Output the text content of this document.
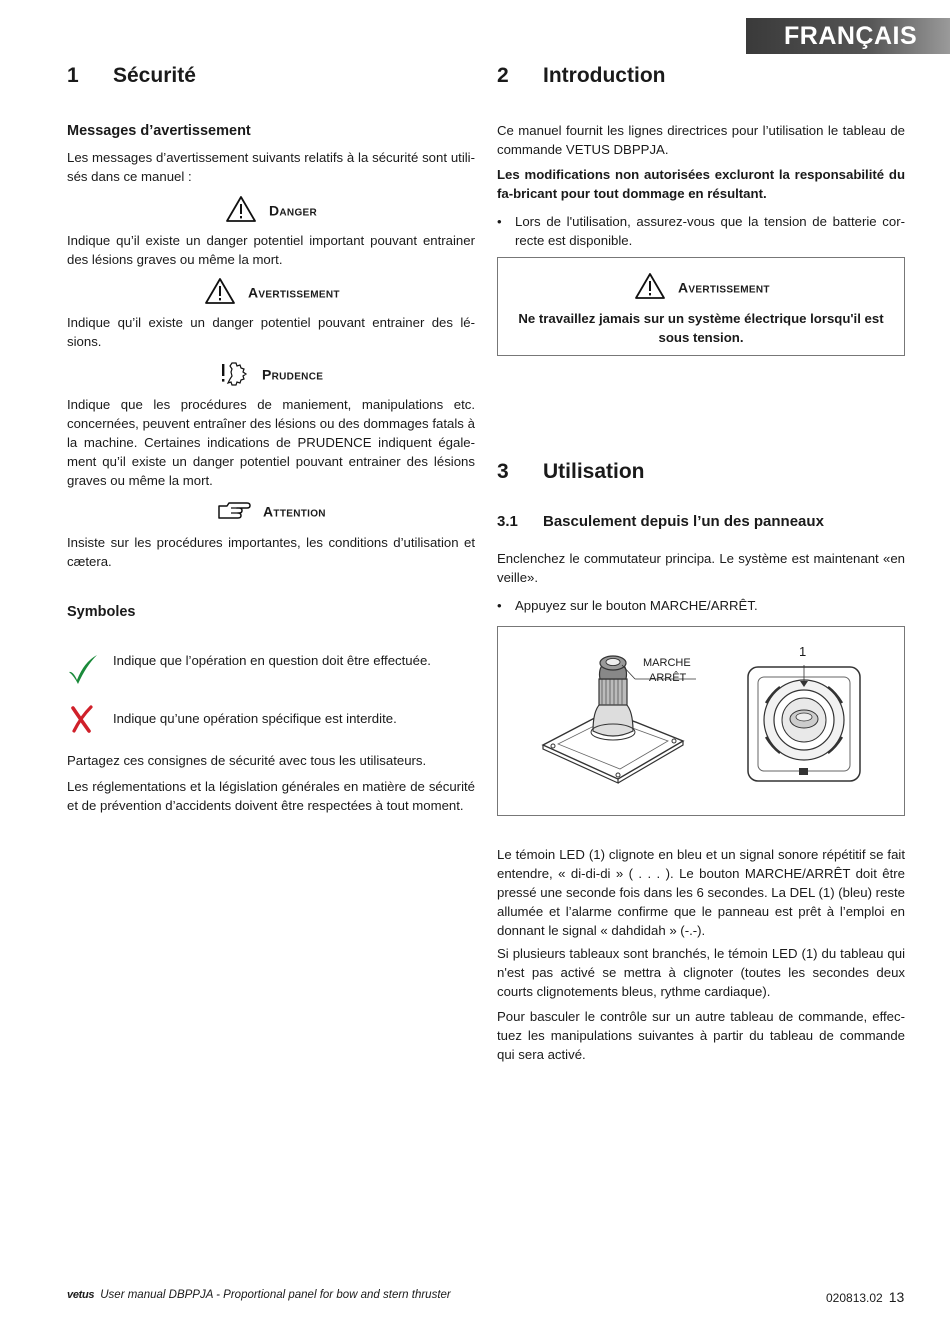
FRANÇAIS
1 Sécurité
Messages d’avertissement

Les messages d’avertissement suivants relatifs à la sécurité sont utili-sés dans ce manuel :

Danger

Indique qu’il existe un danger potentiel important pouvant entrainer des lésions graves ou même la mort.

Avertissement

Indique qu’il existe un danger potentiel pouvant entrainer des lé-sions.

Prudence

Indique que les procédures de maniement, manipulations etc. concernées, peuvent entraîner des lésions ou des dommages fatals à la machine. Certaines indications de PRUDENCE indiquent égale-ment qu’il existe un danger potentiel pouvant entrainer des lésions graves ou même la mort.

Attention

Insiste sur les procédures importantes, les conditions d’utilisation et cætera.

Symboles

Indique que l’opération en question doit être effectuée.

Indique qu’une opération spécifique est interdite.

Partagez ces consignes de sécurité avec tous les utilisateurs.

Les réglementations et la législation générales en matière de sécurité et de prévention d’accidents doivent être respectées à tout moment.

2 Introduction

Ce manuel fournit les lignes directrices pour l’utilisation le tableau de commande VETUS DBPPJA.

Les modifications non autorisées excluront la responsabilité du fa-bricant pour tout dommage en résultant.

• Lors de l'utilisation, assurez-vous que la tension de batterie cor-recte est disponible.
Avertissement
Ne travaillez jamais sur un système électrique lorsqu'il est sous tension.
3 Utilisation
3.1 Basculement depuis l’un des panneaux

Enclenchez le commutateur principa. Le système est maintenant «en veille».

• Appuyez sur le bouton MARCHE/ARRÊT.
MARCHE
ARRÊT
1

Le témoin LED (1) clignote en bleu et un signal sonore répétitif se fait entendre, « di-di-di » ( . . . ). Le bouton MARCHE/ARRÊT doit être pressé une seconde fois dans les 6 secondes. La DEL (1) (bleu) reste allumée et l’alarme confirme que le panneau est prêt à l’emploi en donnant le signal « dahdidah » (-.-).

Si plusieurs tableaux sont branchés, le témoin LED (1) du tableau qui n'est pas activé se mettra à clignoter (toutes les secondes deux courts clignotements bleus, rythme cardiaque).

Pour basculer le contrôle sur un autre tableau de commande, effec-tuez les manipulations suivantes à partir du tableau de commande qui sera activé.

vetus User manual DBPPJA - Proportional panel for bow and stern thruster	020813.02 13
